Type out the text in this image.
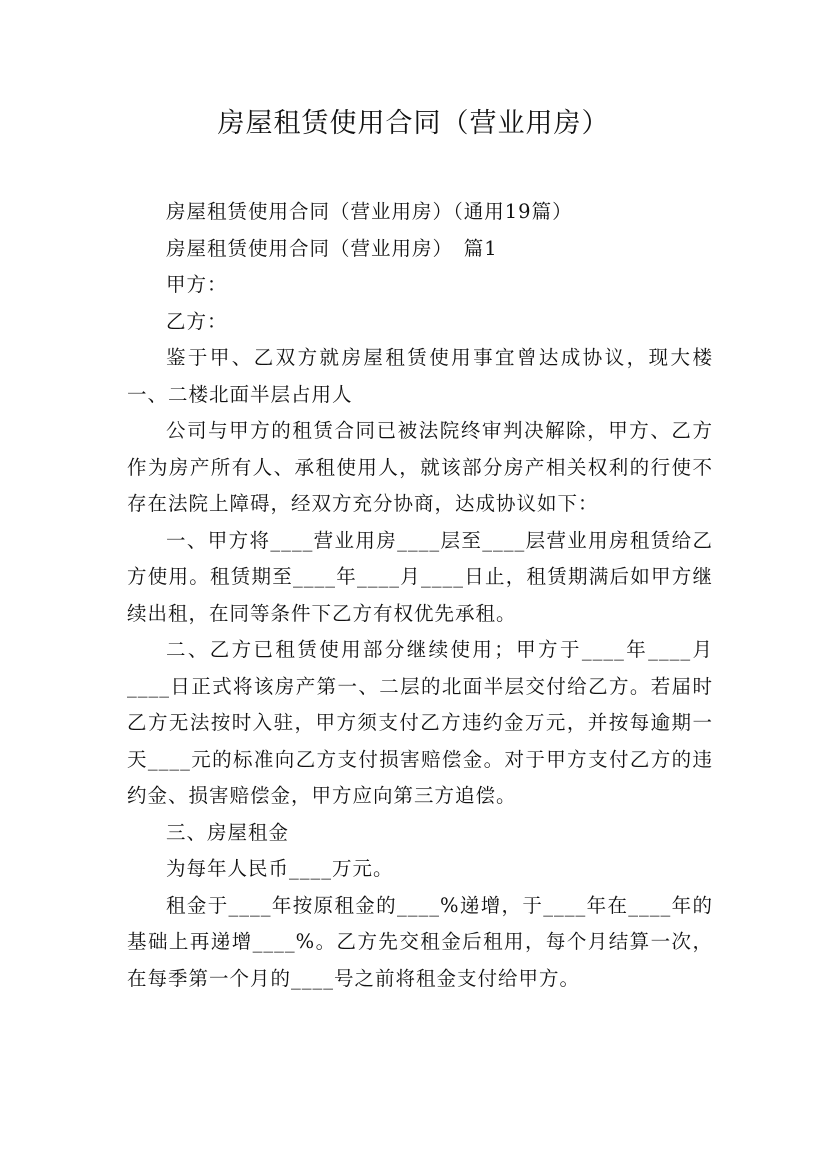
房屋租赁使用合同（营业用房）

房屋租赁使用合同（营业用房）（通用19篇）

房屋租赁使用合同（营业用房）　篇1

甲方：

乙方：

鉴于甲、乙双方就房屋租赁使用事宜曾达成协议，现大楼一、二楼北面半层占用人

公司与甲方的租赁合同已被法院终审判决解除，甲方、乙方作为房产所有人、承租使用人，就该部分房产相关权利的行使不存在法院上障碍，经双方充分协商，达成协议如下：

一、甲方将____营业用房____层至____层营业用房租赁给乙方使用。租赁期至____年____月____日止，租赁期满后如甲方继续出租，在同等条件下乙方有权优先承租。

二、乙方已租赁使用部分继续使用；甲方于____年____月____日正式将该房产第一、二层的北面半层交付给乙方。若届时乙方无法按时入驻，甲方须支付乙方违约金万元，并按每逾期一天____元的标准向乙方支付损害赔偿金。对于甲方支付乙方的违约金、损害赔偿金，甲方应向第三方追偿。

三、房屋租金

为每年人民币____万元。

租金于____年按原租金的____%递增，于____年在____年的基础上再递增____%。乙方先交租金后租用，每个月结算一次，在每季第一个月的____号之前将租金支付给甲方。
